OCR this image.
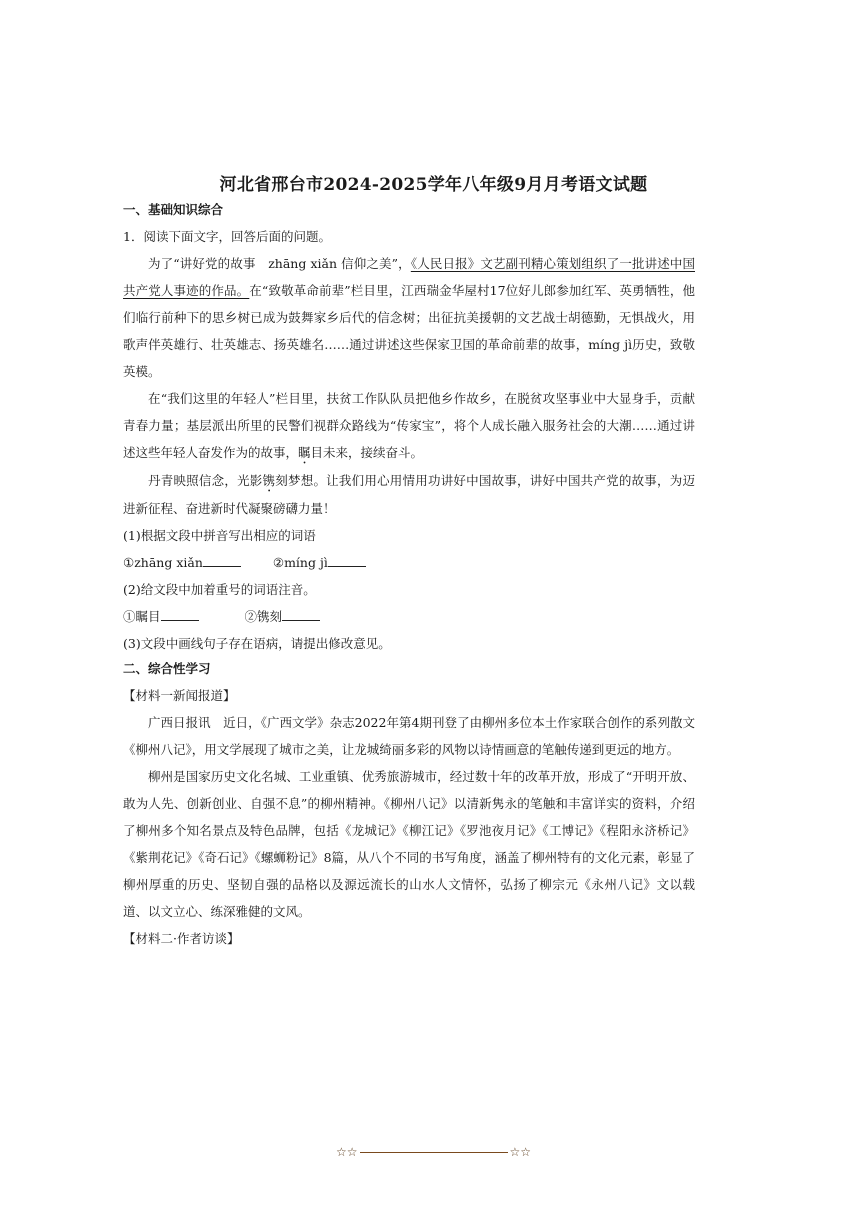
河北省邢台市2024-2025学年八年级9月月考语文试题
一、基础知识综合

1．阅读下面文字，回答后面的问题。

为了“讲好党的故事　zhāng xiǎn 信仰之美”，《人民日报》文艺副刊精心策划组织了一批讲述中国共产党人事迹的作品。在“致敬革命前辈”栏目里，江西瑞金华屋村17位好儿郎参加红军、英勇牺牲，他们临行前种下的思乡树已成为鼓舞家乡后代的信念树；出征抗美援朝的文艺战士胡德勤，无惧战火，用歌声伴英雄行、壮英雄志、扬英雄名……通过讲述这些保家卫国的革命前辈的故事，míng jì历史，致敬英模。

在“我们这里的年轻人”栏目里，扶贫工作队队员把他乡作故乡，在脱贫攻坚事业中大显身手，贡献青春力量；基层派出所里的民警们视群众路线为“传家宝”，将个人成长融入服务社会的大潮……通过讲述这些年轻人奋发作为的故事，瞩目未来，接续奋斗。

丹青映照信念，光影镌刻梦想。让我们用心用情用功讲好中国故事，讲好中国共产党的故事，为迈进新征程、奋进新时代凝聚磅礴力量！

(1)根据文段中拼音写出相应的词语

①zhāng xiǎn	②míng jì

(2)给文段中加着重号的词语注音。

①瞩目	②镌刻

(3)文段中画线句子存在语病，请提出修改意见。

二、综合性学习

【材料一新闻报道】

广西日报讯　近日，《广西文学》杂志2022年第4期刊登了由柳州多位本土作家联合创作的系列散文《柳州八记》，用文学展现了城市之美，让龙城绮丽多彩的风物以诗情画意的笔触传递到更远的地方。

柳州是国家历史文化名城、工业重镇、优秀旅游城市，经过数十年的改革开放，形成了“开明开放、敢为人先、创新创业、自强不息”的柳州精神。《柳州八记》以清新隽永的笔触和丰富详实的资料，介绍了柳州多个知名景点及特色品牌，包括《龙城记》《柳江记》《罗池夜月记》《工博记》《程阳永济桥记》《紫荆花记》《奇石记》《螺蛳粉记》8篇，从八个不同的书写角度，涵盖了柳州特有的文化元素，彰显了柳州厚重的历史、坚韧自强的品格以及源远流长的山水人文情怀，弘扬了柳宗元《永州八记》文以载道、以文立心、练深雅健的文风。

【材料二·作者访谈】

☆☆	☆☆
